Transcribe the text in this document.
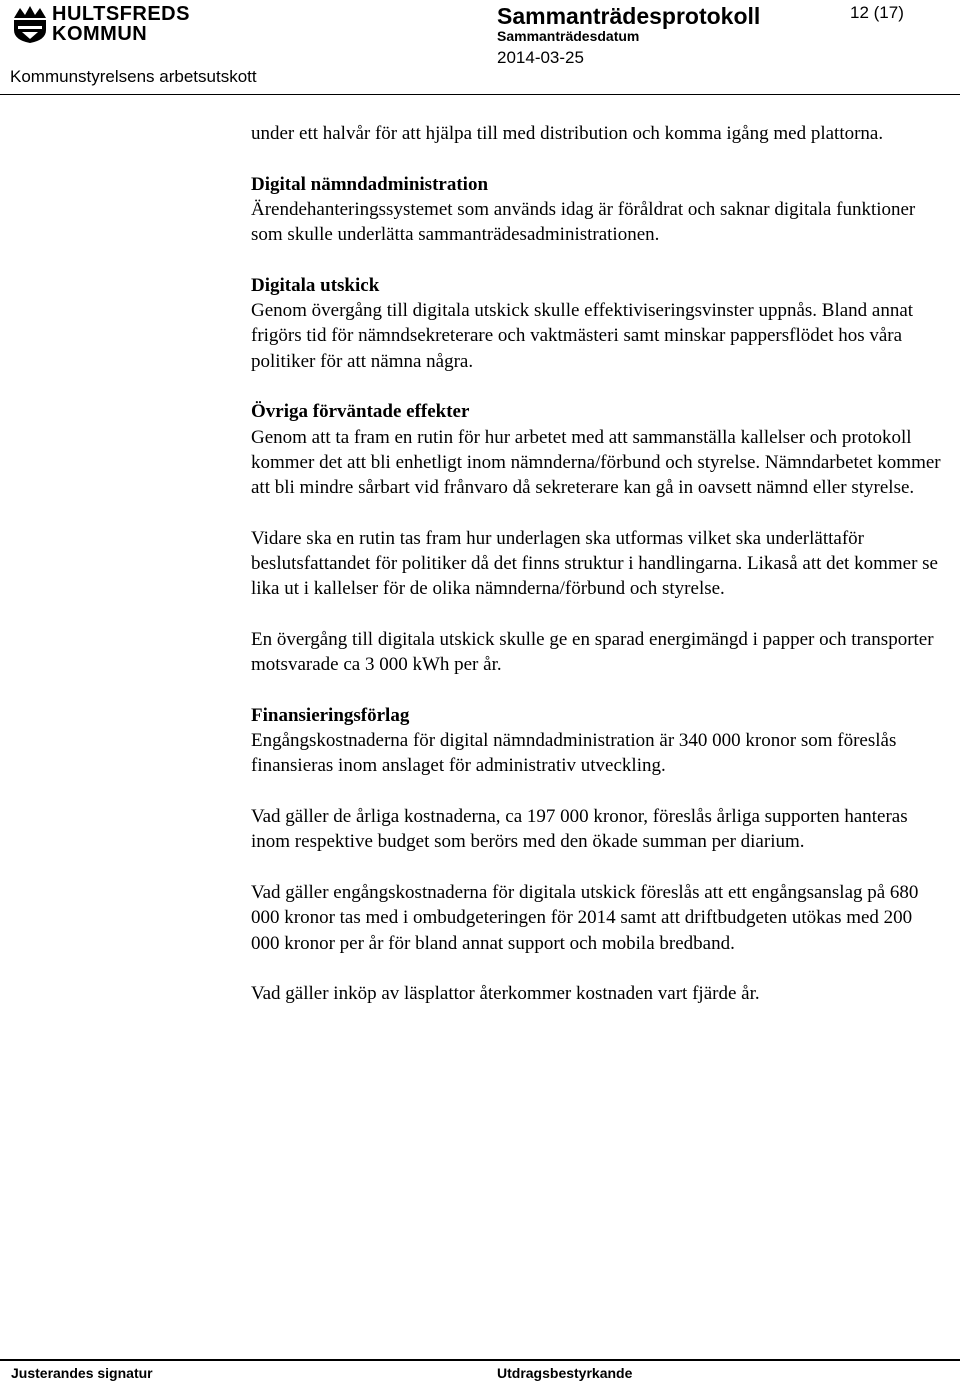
HULTSFREDS
KOMMUN
Kommunstyrelsens arbetsutskott
Sammanträdesprotokoll
Sammanträdesdatum
2014-03-25
12 (17)

under ett halvår för att hjälpa till med distribution och komma igång med plattorna.

Digital nämndadministration
Ärendehanteringssystemet som används idag är föråldrat och saknar digitala funktioner som skulle underlätta sammanträdesadministrationen.

Digitala utskick
Genom övergång till digitala utskick skulle effektiviseringsvinster uppnås. Bland annat frigörs tid för nämndsekreterare och vaktmästeri samt minskar pappersflödet hos våra politiker för att nämna några.

Övriga förväntade effekter
Genom att ta fram en rutin för hur arbetet med att sammanställa kallelser och protokoll kommer det att bli enhetligt inom nämnderna/förbund och styrelse. Nämndarbetet kommer att bli mindre sårbart vid frånvaro då sekreterare kan gå in oavsett nämnd eller styrelse.

Vidare ska en rutin tas fram hur underlagen ska utformas vilket ska underlättaför beslutsfattandet för politiker då det finns struktur i handlingarna. Likaså att det kommer se lika ut i kallelser för de olika nämnderna/förbund och styrelse.

En övergång till digitala utskick skulle ge en sparad energimängd i papper och transporter motsvarade ca 3 000 kWh per år.

Finansieringsförlag
Engångskostnaderna för digital nämndadministration är 340 000 kronor som föreslås finansieras inom anslaget för administrativ utveckling.

Vad gäller de årliga kostnaderna, ca 197 000 kronor, föreslås årliga supporten hanteras inom respektive budget som berörs med den ökade summan per diarium.

Vad gäller engångskostnaderna för digitala utskick föreslås att ett engångsanslag på 680 000 kronor tas med i ombudgeteringen för 2014 samt att driftbudgeten utökas med 200 000 kronor per år för bland annat support och mobila bredband.

Vad gäller inköp av läsplattor återkommer kostnaden vart fjärde år.

Justerandes signatur	Utdragsbestyrkande
